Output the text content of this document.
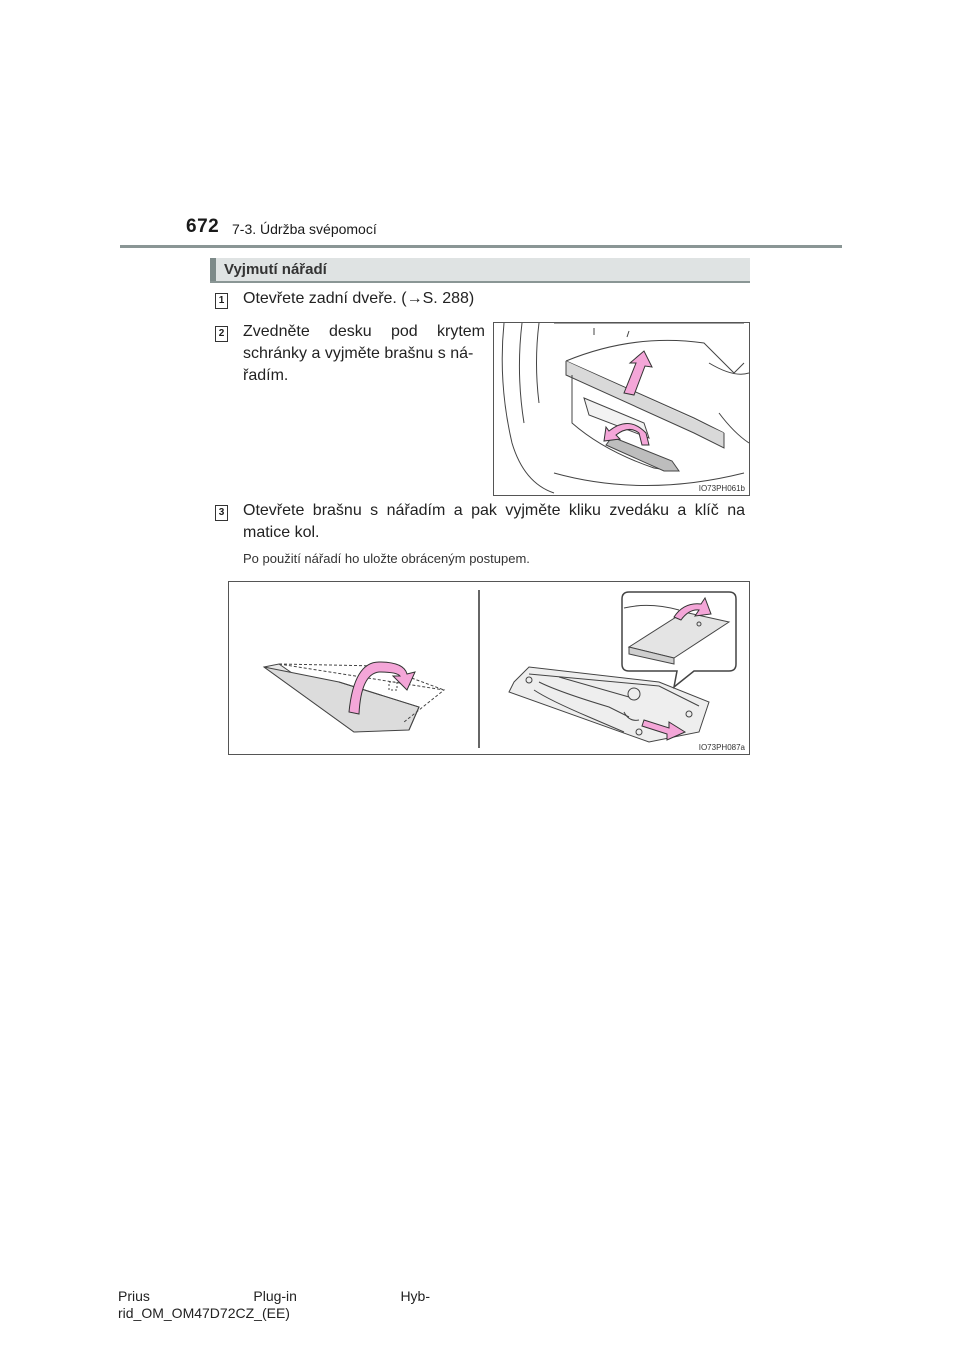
672 7-3. Údržba svépomocí
Vyjmutí nářadí
1 Otevřete zadní dveře. (→S. 288)
2 Zvedněte desku pod krytem
schránky a vyjměte brašnu s ná-
řadím.
IO73PH061b
3 Otevřete brašnu s nářadím a pak vyjměte kliku zvedáku a klíč na
matice kol.
Po použití nářadí ho uložte obráceným postupem.
IO73PH087a
Prius	Plug-in	Hyb-
rid_OM_OM47D72CZ_(EE)
